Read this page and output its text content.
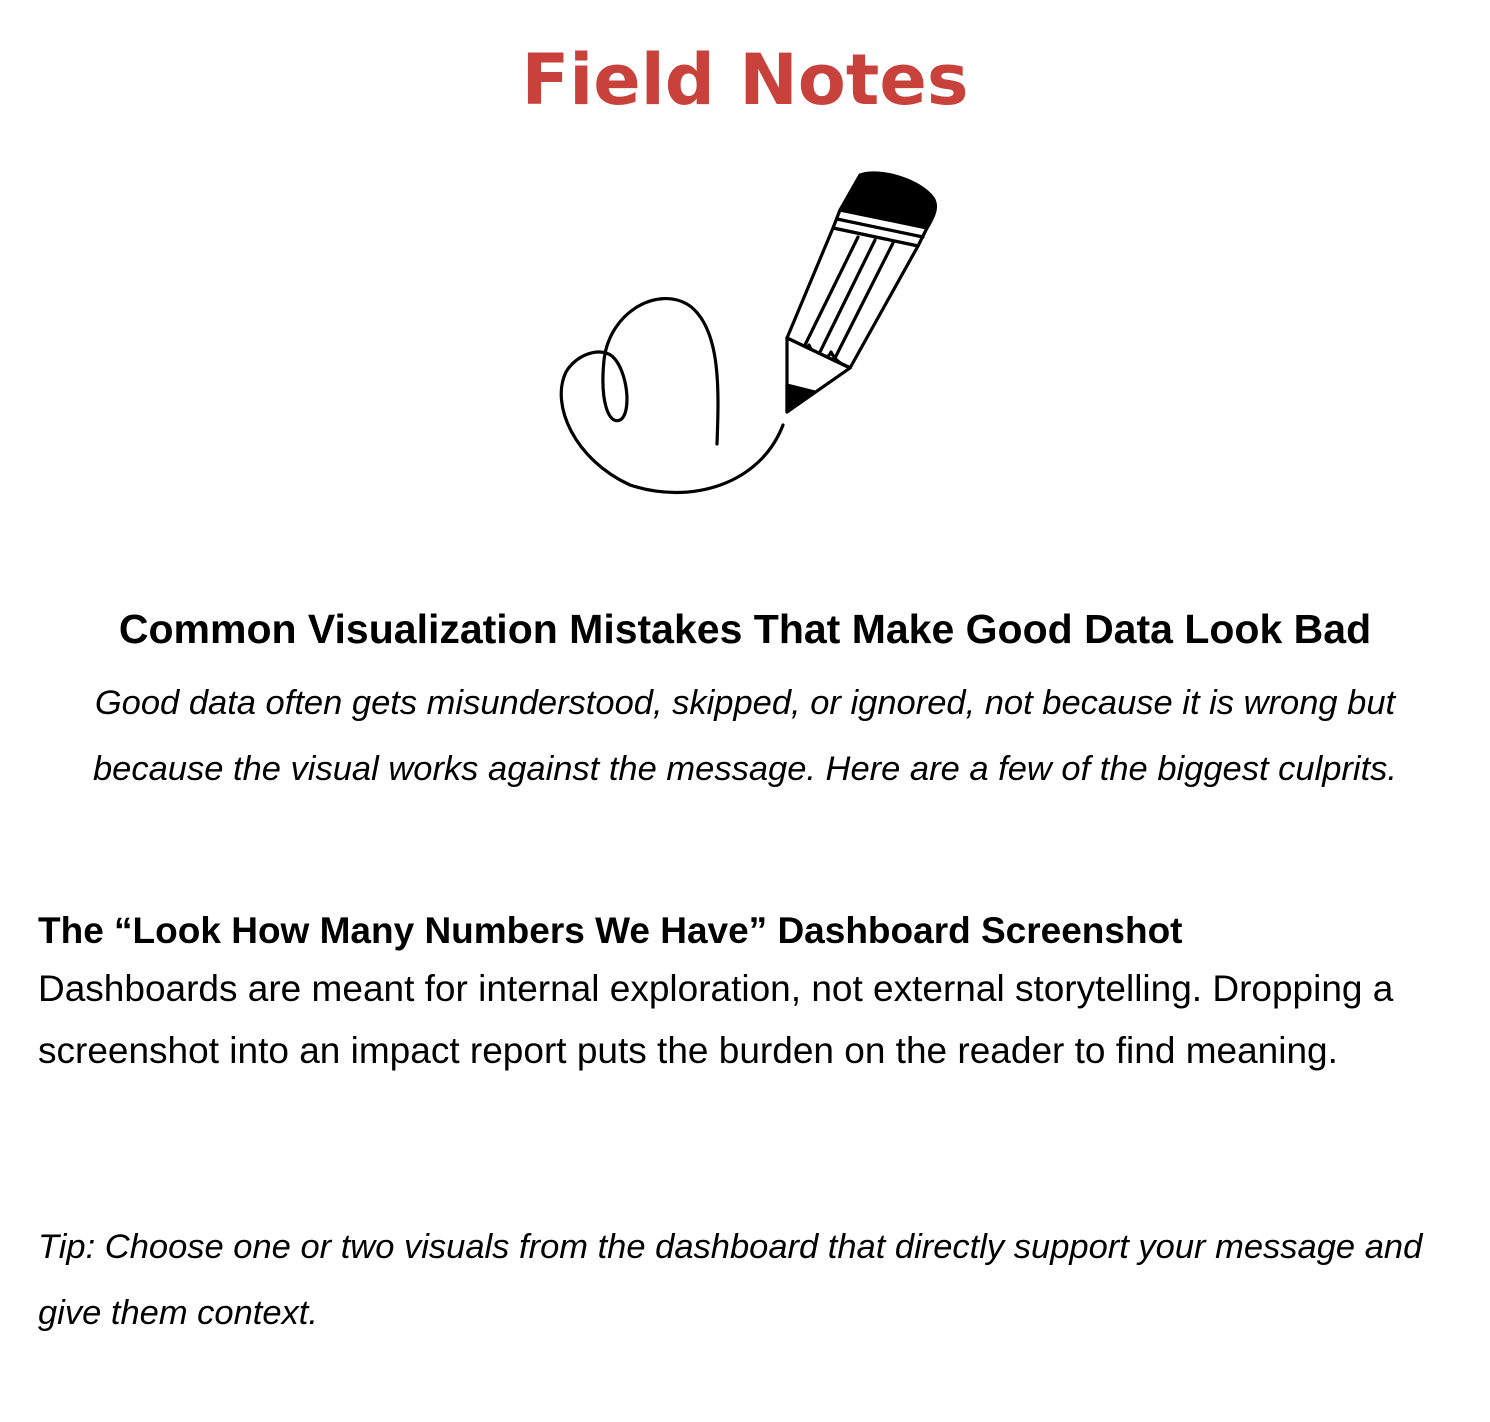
Field Notes
Common Visualization Mistakes That Make Good Data Look Bad

Good data often gets misunderstood, skipped, or ignored, not because it is wrong but because the visual works against the message. Here are a few of the biggest culprits.

The “Look How Many Numbers We Have” Dashboard Screenshot

Dashboards are meant for internal exploration, not external storytelling. Dropping a screenshot into an impact report puts the burden on the reader to find meaning.

Tip: Choose one or two visuals from the dashboard that directly support your message and give them context.
